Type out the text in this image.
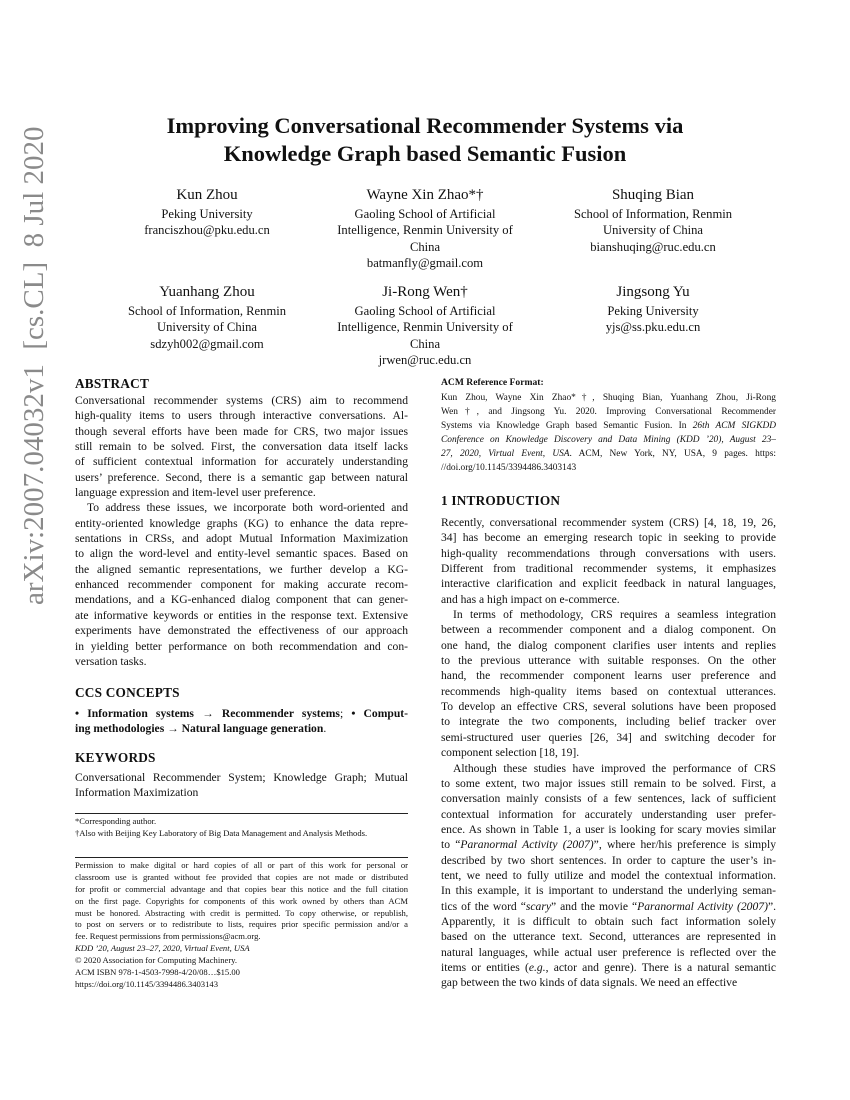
arXiv:2007.04032v1  [cs.CL]  8 Jul 2020
Improving Conversational Recommender Systems via
Knowledge Graph based Semantic Fusion
Kun Zhou
Peking University
franciszhou@pku.edu.cn
Wayne Xin Zhao*†
Gaoling School of Artificial
Intelligence, Renmin University of
China
batmanfly@gmail.com
Shuqing Bian
School of Information, Renmin
University of China
bianshuqing@ruc.edu.cn
Yuanhang Zhou
School of Information, Renmin
University of China
sdzyh002@gmail.com
Ji-Rong Wen†
Gaoling School of Artificial
Intelligence, Renmin University of
China
jrwen@ruc.edu.cn
Jingsong Yu
Peking University
yjs@ss.pku.edu.cn
ABSTRACT
Conversational recommender systems (CRS) aim to recommend
high-quality items to users through interactive conversations. Al-
though several efforts have been made for CRS, two major issues
still remain to be solved. First, the conversation data itself lacks
of sufficient contextual information for accurately understanding
users’ preference. Second, there is a semantic gap between natural
language expression and item-level user preference.
To address these issues, we incorporate both word-oriented and
entity-oriented knowledge graphs (KG) to enhance the data repre-
sentations in CRSs, and adopt Mutual Information Maximization
to align the word-level and entity-level semantic spaces. Based on
the aligned semantic representations, we further develop a KG-
enhanced recommender component for making accurate recom-
mendations, and a KG-enhanced dialog component that can gener-
ate informative keywords or entities in the response text. Extensive
experiments have demonstrated the effectiveness of our approach
in yielding better performance on both recommendation and con-
versation tasks.
CCS CONCEPTS
• Information systems → Recommender systems; • Comput-
ing methodologies → Natural language generation.
KEYWORDS
Conversational Recommender System; Knowledge Graph; Mutual
Information Maximization
*Corresponding author.
†Also with Beijing Key Laboratory of Big Data Management and Analysis Methods.
Permission to make digital or hard copies of all or part of this work for personal or
classroom use is granted without fee provided that copies are not made or distributed
for profit or commercial advantage and that copies bear this notice and the full citation
on the first page. Copyrights for components of this work owned by others than ACM
must be honored. Abstracting with credit is permitted. To copy otherwise, or republish,
to post on servers or to redistribute to lists, requires prior specific permission and/or a
fee. Request permissions from permissions@acm.org.
KDD ’20, August 23–27, 2020, Virtual Event, USA
© 2020 Association for Computing Machinery.
ACM ISBN 978-1-4503-7998-4/20/08…$15.00
https://doi.org/10.1145/3394486.3403143
ACM Reference Format:
Kun Zhou, Wayne Xin Zhao*†, Shuqing Bian, Yuanhang Zhou, Ji-Rong
Wen†, and Jingsong Yu. 2020. Improving Conversational Recommender
Systems via Knowledge Graph based Semantic Fusion. In 26th ACM SIGKDD
Conference on Knowledge Discovery and Data Mining (KDD ’20), August 23–
27, 2020, Virtual Event, USA. ACM, New York, NY, USA, 9 pages. https:
//doi.org/10.1145/3394486.3403143
1 INTRODUCTION
Recently, conversational recommender system (CRS) [4, 18, 19, 26,
34] has become an emerging research topic in seeking to provide
high-quality recommendations through conversations with users.
Different from traditional recommender systems, it emphasizes
interactive clarification and explicit feedback in natural languages,
and has a high impact on e-commerce.
In terms of methodology, CRS requires a seamless integration
between a recommender component and a dialog component. On
one hand, the dialog component clarifies user intents and replies
to the previous utterance with suitable responses. On the other
hand, the recommender component learns user preference and
recommends high-quality items based on contextual utterances.
To develop an effective CRS, several solutions have been proposed
to integrate the two components, including belief tracker over
semi-structured user queries [26, 34] and switching decoder for
component selection [18, 19].
Although these studies have improved the performance of CRS
to some extent, two major issues still remain to be solved. First, a
conversation mainly consists of a few sentences, lack of sufficient
contextual information for accurately understanding user prefer-
ence. As shown in Table 1, a user is looking for scary movies similar
to “Paranormal Activity (2007)”, where her/his preference is simply
described by two short sentences. In order to capture the user’s in-
tent, we need to fully utilize and model the contextual information.
In this example, it is important to understand the underlying seman-
tics of the word “scary” and the movie “Paranormal Activity (2007)”.
Apparently, it is difficult to obtain such fact information solely
based on the utterance text. Second, utterances are represented in
natural languages, while actual user preference is reflected over the
items or entities (e.g., actor and genre). There is a natural semantic
gap between the two kinds of data signals. We need an effective
